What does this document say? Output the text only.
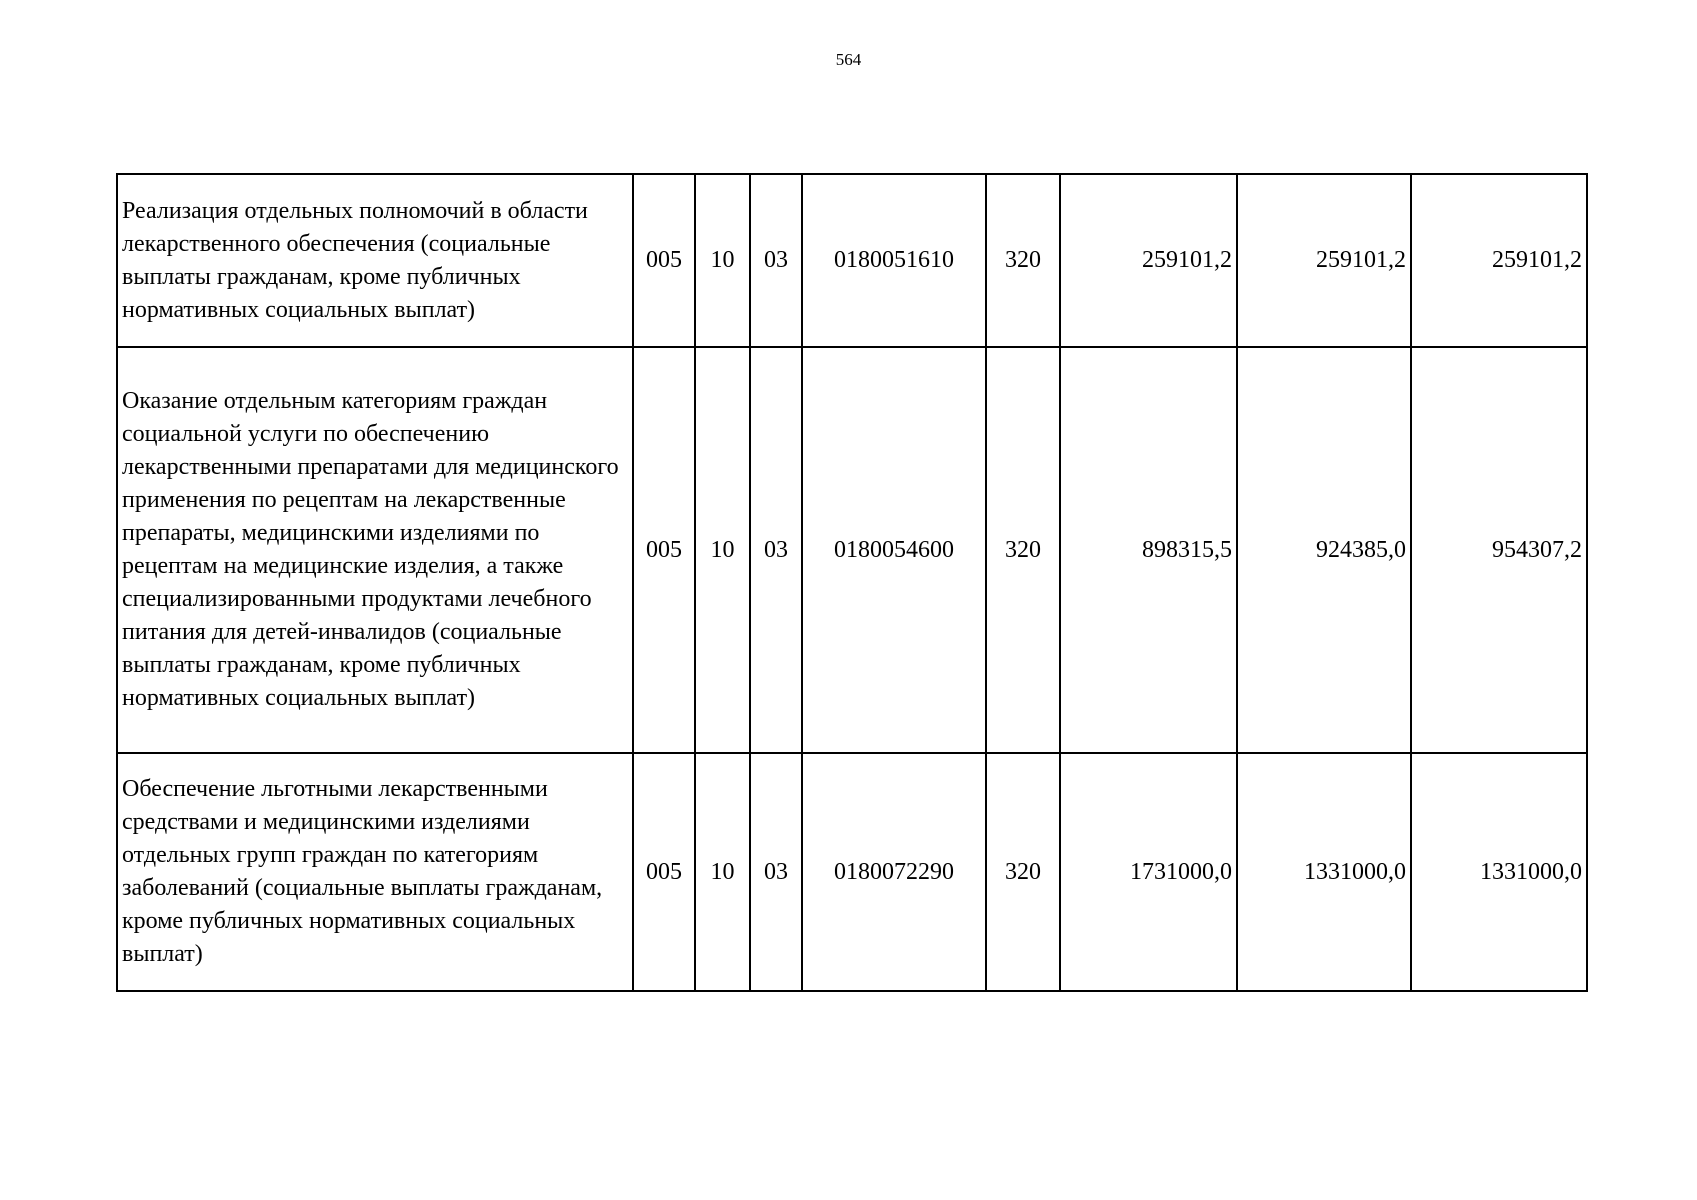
564
Реализация отдельных полномочий в области лекарственного обеспечения (социальные выплаты гражданам, кроме публичных нормативных социальных выплат)	005	10	03	0180051610	320	259101,2	259101,2	259101,2
Оказание отдельным категориям граждан социальной услуги по обеспечению лекарственными препаратами для медицинского применения по рецептам на лекарственные препараты, медицинскими изделиями по рецептам на медицинские изделия, а также специализированными продуктами лечебного питания для детей-инвалидов (социальные выплаты гражданам, кроме публичных нормативных социальных выплат)	005	10	03	0180054600	320	898315,5	924385,0	954307,2
Обеспечение льготными лекарственными средствами и медицинскими изделиями отдельных групп граждан по категориям заболеваний (социальные выплаты гражданам, кроме публичных нормативных социальных выплат)	005	10	03	0180072290	320	1731000,0	1331000,0	1331000,0
